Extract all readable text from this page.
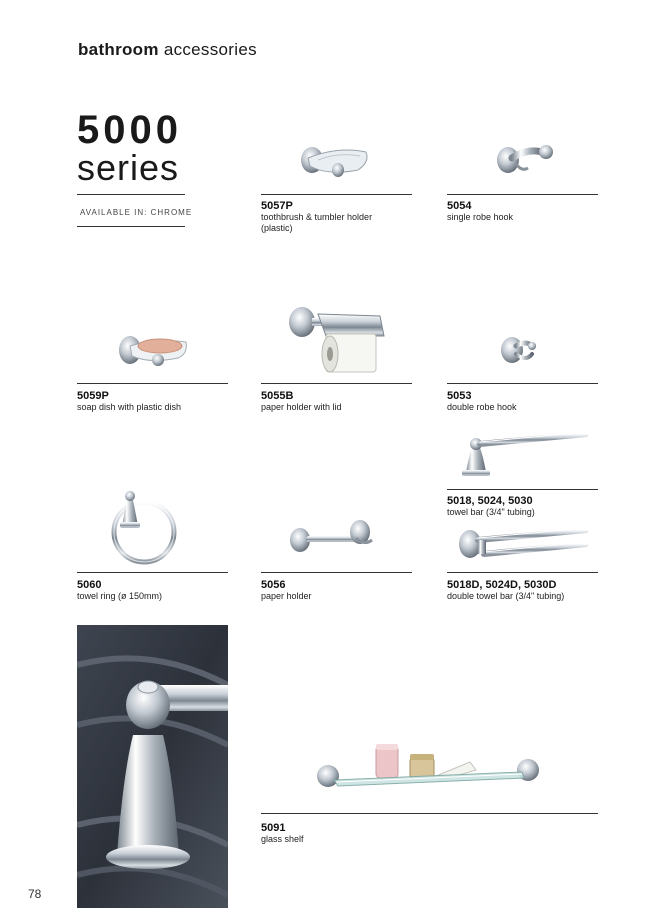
bathroom accessories
5000
series
AVAILABLE IN: CHROME
5057P
toothbrush & tumbler holder
(plastic)
5054
single robe hook
5059P
soap dish with plastic dish
5055B
paper holder with lid
5053
double robe hook
5018, 5024, 5030
towel bar (3/4" tubing)
5060
towel ring (ø 150mm)
5056
paper holder
5018D, 5024D, 5030D
double towel bar (3/4" tubing)
5091
glass shelf
78
